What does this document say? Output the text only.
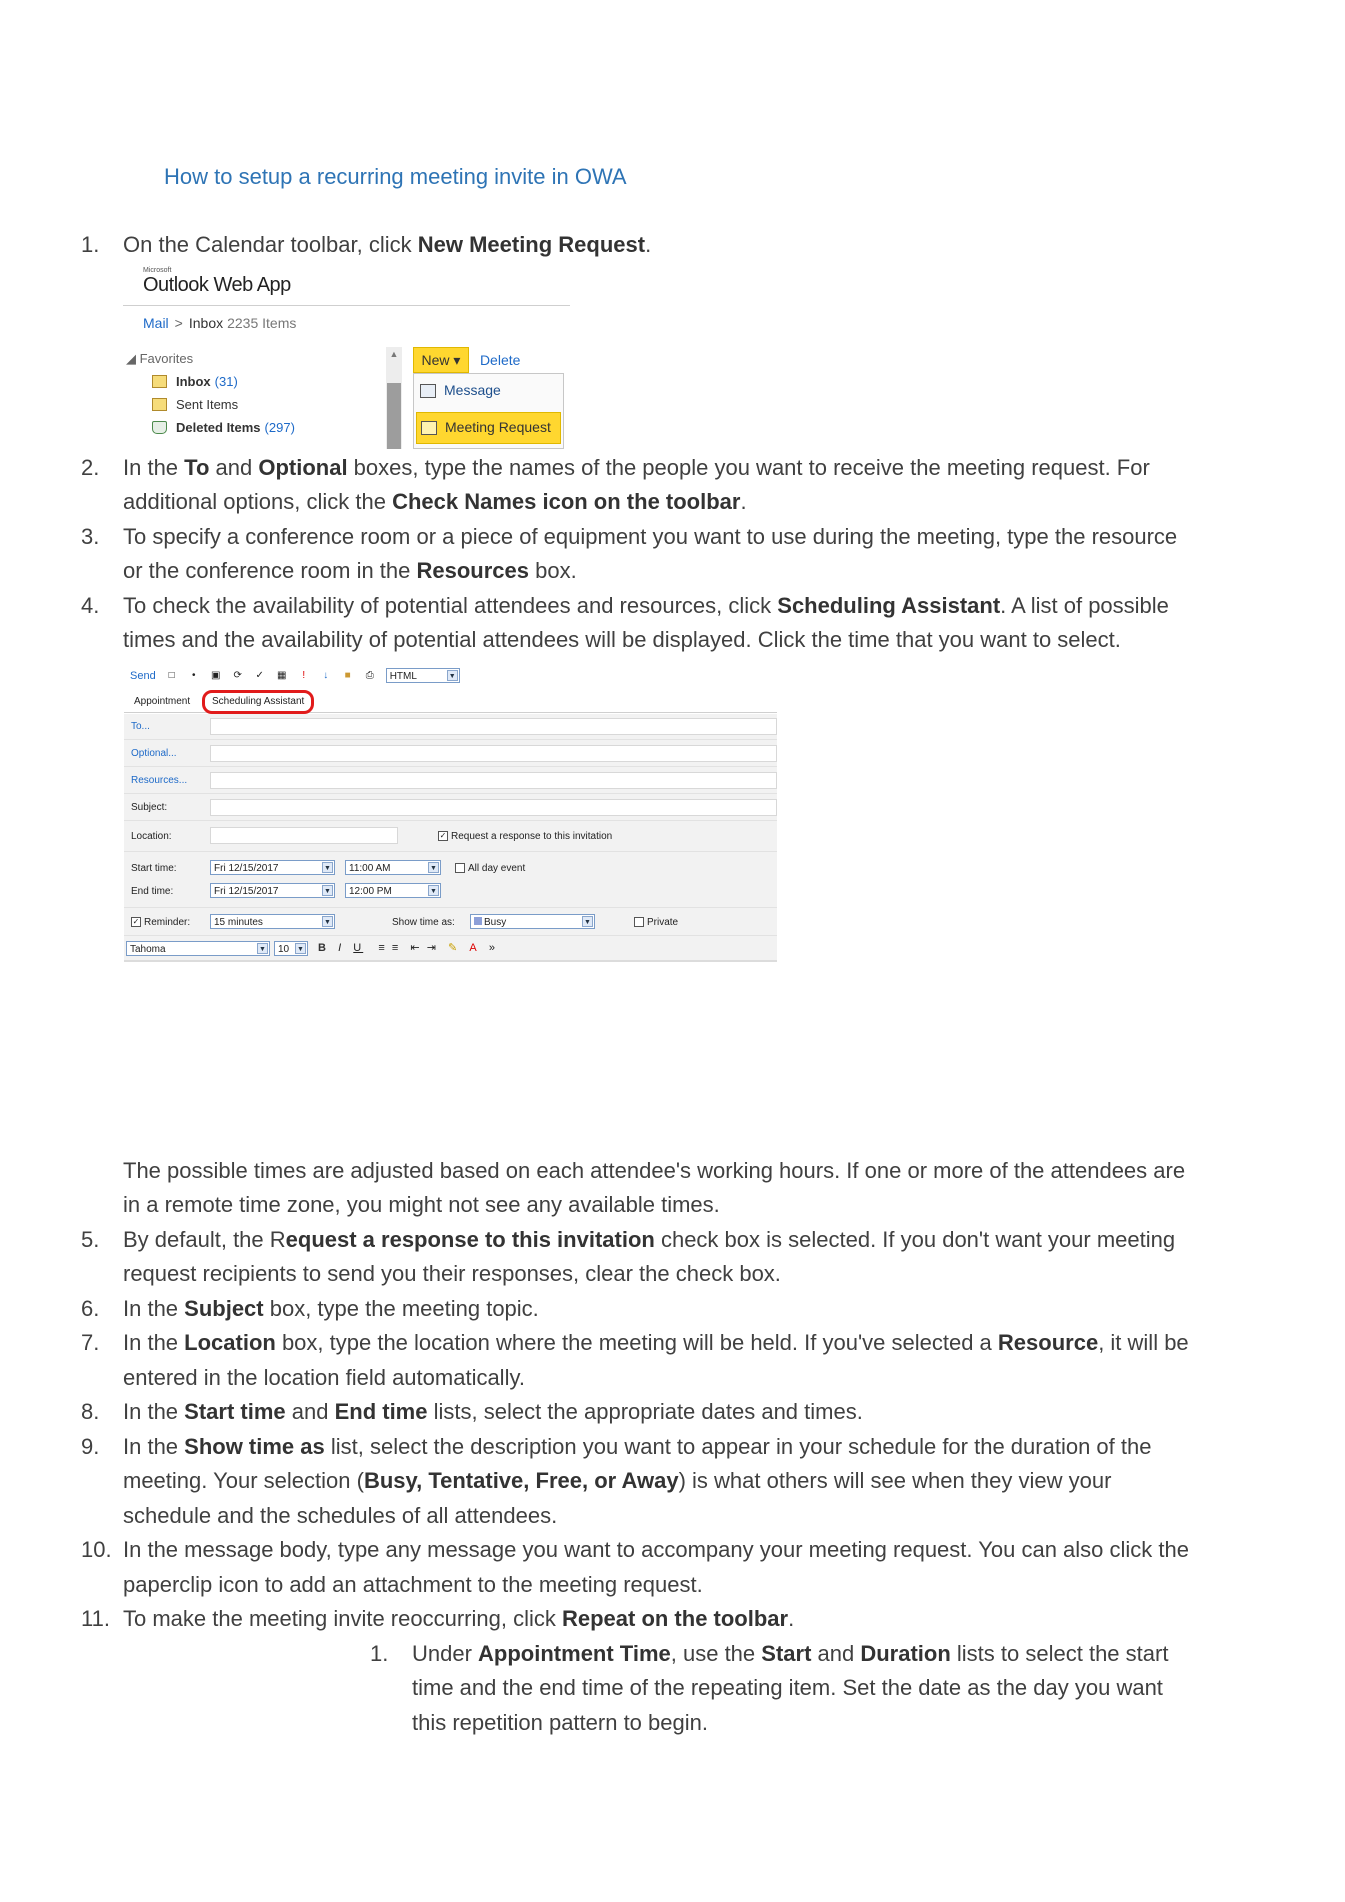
How to setup a recurring meeting invite in OWA
1. On the Calendar toolbar, click New Meeting Request.
Microsoft
Outlook Web App
Mail > Inbox 2235 Items
◢ Favorites
Inbox (31)
Sent Items
Deleted Items (297)
▲	Delete
New ▾
Message
Meeting Request
2. In the To and Optional boxes, type the names of the people you want to receive the meeting request. For additional options, click the Check Names icon on the toolbar.
3. To specify a conference room or a piece of equipment you want to use during the meeting, type the resource or the conference room in the Resources box.
4. To check the availability of potential attendees and resources, click Scheduling Assistant. A list of possible times and the availability of potential attendees will be displayed. Click the time that you want to select.
Send □	•	▣ ⟳ ✓ ▦	!	↓	■ ⎙	HTML	▼
Appointment	Scheduling Assistant
To...
Optional...
Resources...
Subject:
Location:	✓ Request a response to this invitation
Start time:	Fri 12/15/2017	▼	11:00 AM	▼	All day event
End time:	Fri 12/15/2017	▼	12:00 PM	▼
✓ Reminder:	15 minutes	▼	Show time as:	Busy	▼	Private
Tahoma	▼	10 ▼ B I U ≡ ≡ ⇤ ⇥ ✎ A »
The possible times are adjusted based on each attendee's working hours. If one or more of the attendees are in a remote time zone, you might not see any available times.
5. By default, the Request a response to this invitation check box is selected. If you don't want your meeting request recipients to send you their responses, clear the check box.
6. In the Subject box, type the meeting topic.
7. In the Location box, type the location where the meeting will be held. If you've selected a Resource, it will be entered in the location field automatically.
8. In the Start time and End time lists, select the appropriate dates and times.
9. In the Show time as list, select the description you want to appear in your schedule for the duration of the meeting. Your selection (Busy, Tentative, Free, or Away) is what others will see when they view your schedule and the schedules of all attendees.
10. In the message body, type any message you want to accompany your meeting request. You can also click the paperclip icon to add an attachment to the meeting request.
11. To make the meeting invite reoccurring, click Repeat on the toolbar.
1. Under Appointment Time, use the Start and Duration lists to select the start time and the end time of the repeating item. Set the date as the day you want this repetition pattern to begin.
